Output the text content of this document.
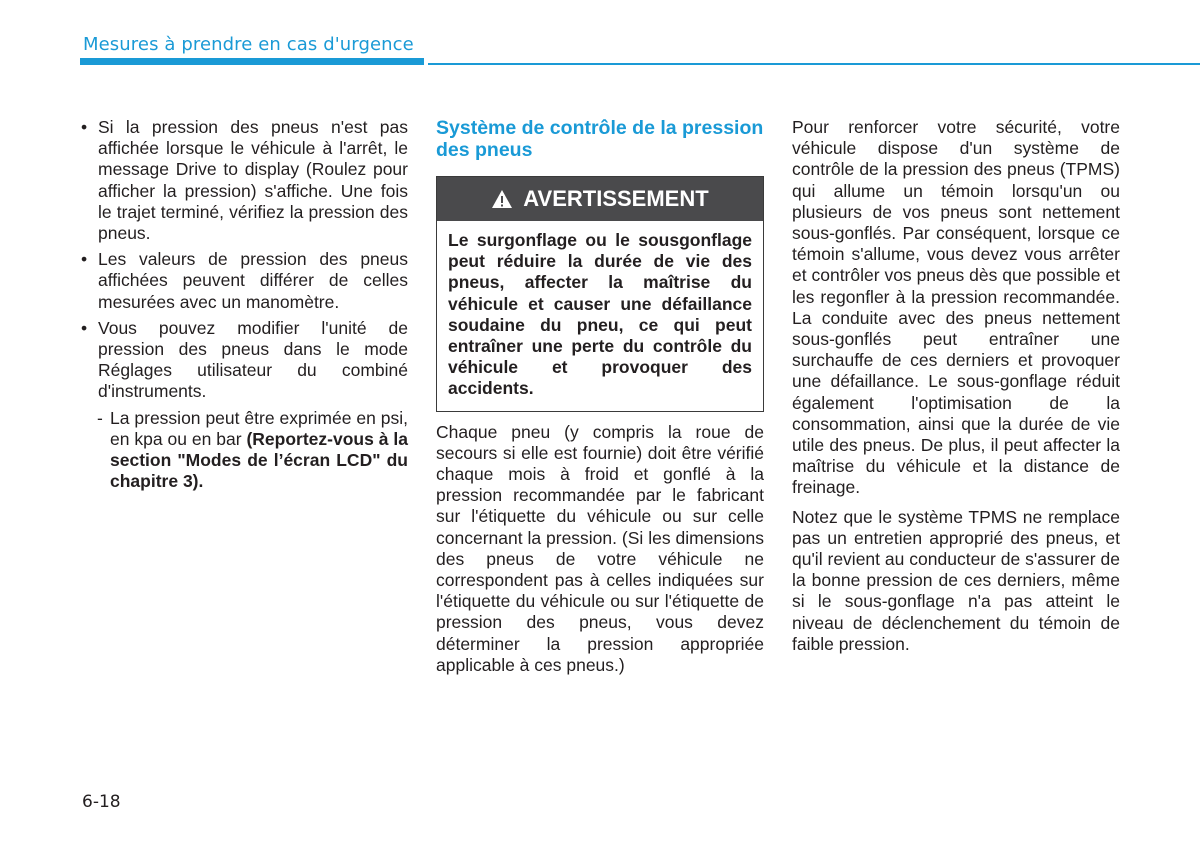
Mesures à prendre en cas d'urgence
• Si la pression des pneus n'est pas affichée lorsque le véhicule à l'arrêt, le message Drive to display (Roulez pour afficher la pression) s'affiche. Une fois le trajet terminé, vérifiez la pression des pneus.
• Les valeurs de pression des pneus affichées peuvent différer de celles mesurées avec un manomètre.
• Vous pouvez modifier l'unité de pression des pneus dans le mode Réglages utilisateur du combiné d'instruments.
- La pression peut être exprimée en psi, en kpa ou en bar (Reportez-vous à la section "Modes de l’écran LCD" du chapitre 3).
Système de contrôle de la pression des pneus
AVERTISSEMENT
Le surgonflage ou le sousgonflage peut réduire la durée de vie des pneus, affecter la maîtrise du véhicule et causer une défaillance soudaine du pneu, ce qui peut entraîner une perte du contrôle du véhicule et provoquer des accidents.

Chaque pneu (y compris la roue de secours si elle est fournie) doit être vérifié chaque mois à froid et gonflé à la pression recommandée par le fabricant sur l'étiquette du véhicule ou sur celle concernant la pression. (Si les dimensions des pneus de votre véhicule ne correspondent pas à celles indiquées sur l'étiquette du véhicule ou sur l'étiquette de pression des pneus, vous devez déterminer la pression appropriée applicable à ces pneus.)

Pour renforcer votre sécurité, votre véhicule dispose d'un système de contrôle de la pression des pneus (TPMS) qui allume un témoin lorsqu'un ou plusieurs de vos pneus sont nettement sous-gonflés. Par conséquent, lorsque ce témoin s'allume, vous devez vous arrêter et contrôler vos pneus dès que possible et les regonfler à la pression recommandée. La conduite avec des pneus nettement sous-gonflés peut entraîner une surchauffe de ces derniers et provoquer une défaillance. Le sous-gonflage réduit également l'optimisation de la consommation, ainsi que la durée de vie utile des pneus. De plus, il peut affecter la maîtrise du véhicule et la distance de freinage.

Notez que le système TPMS ne remplace pas un entretien approprié des pneus, et qu'il revient au conducteur de s'assurer de la bonne pression de ces derniers, même si le sous-gonflage n'a pas atteint le niveau de déclenchement du témoin de faible pression.

6-18
